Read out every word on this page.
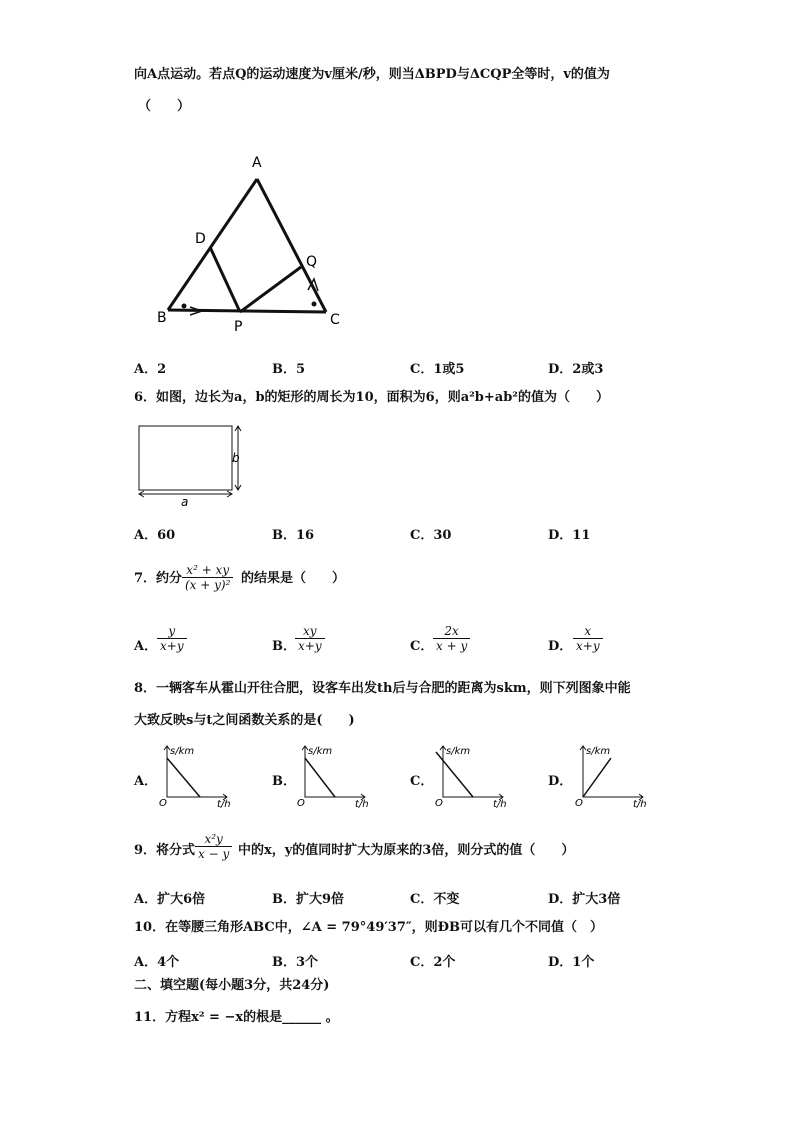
向A点运动。若点Q的运动速度为v厘米/秒，则当ΔBPD与ΔCQP全等时，v的值为
（　　）
A
D
Q
B
P	C
A．2	B．5	C．1或5	D．2或3
6．如图，边长为a，b的矩形的周长为10，面积为6，则a²b+ab²的值为（　　）
b
a
A．60	B．16	C．30	D．11
7．约分 $\frac{\text{x² + xy}}{\text{(x + y)²}}$ 的结果是（　　）
A． $\frac{y}{x+y}$	B． $\frac{xy}{x+y}$	C． $\frac{2x}{x + y}$	D． $\frac{x}{x+y}$
8．一辆客车从霍山开往合肥，设客车出发th后与合肥的距离为skm，则下列图象中能
大致反映s与t之间函数关系的是(　　)
A．	B．	C．	D．
s/km
t/h
O
s/km
t/h
O
s/km
t/h
O
s/km
t/h
O
9．将分式 $\frac{\text{x²y}}{x - y}$ 中的x，y的值同时扩大为原来的3倍，则分式的值（　　）
A．扩大6倍	B．扩大9倍	C．不变	D．扩大3倍
10．在等腰三角形ABC中，∠A = 79°49′37″，则ÐB可以有几个不同值（　）
A．4个	B．3个	C．2个	D．1个
二、填空题(每小题3分，共24分)
11．方程x² = −x的根是______ 。
